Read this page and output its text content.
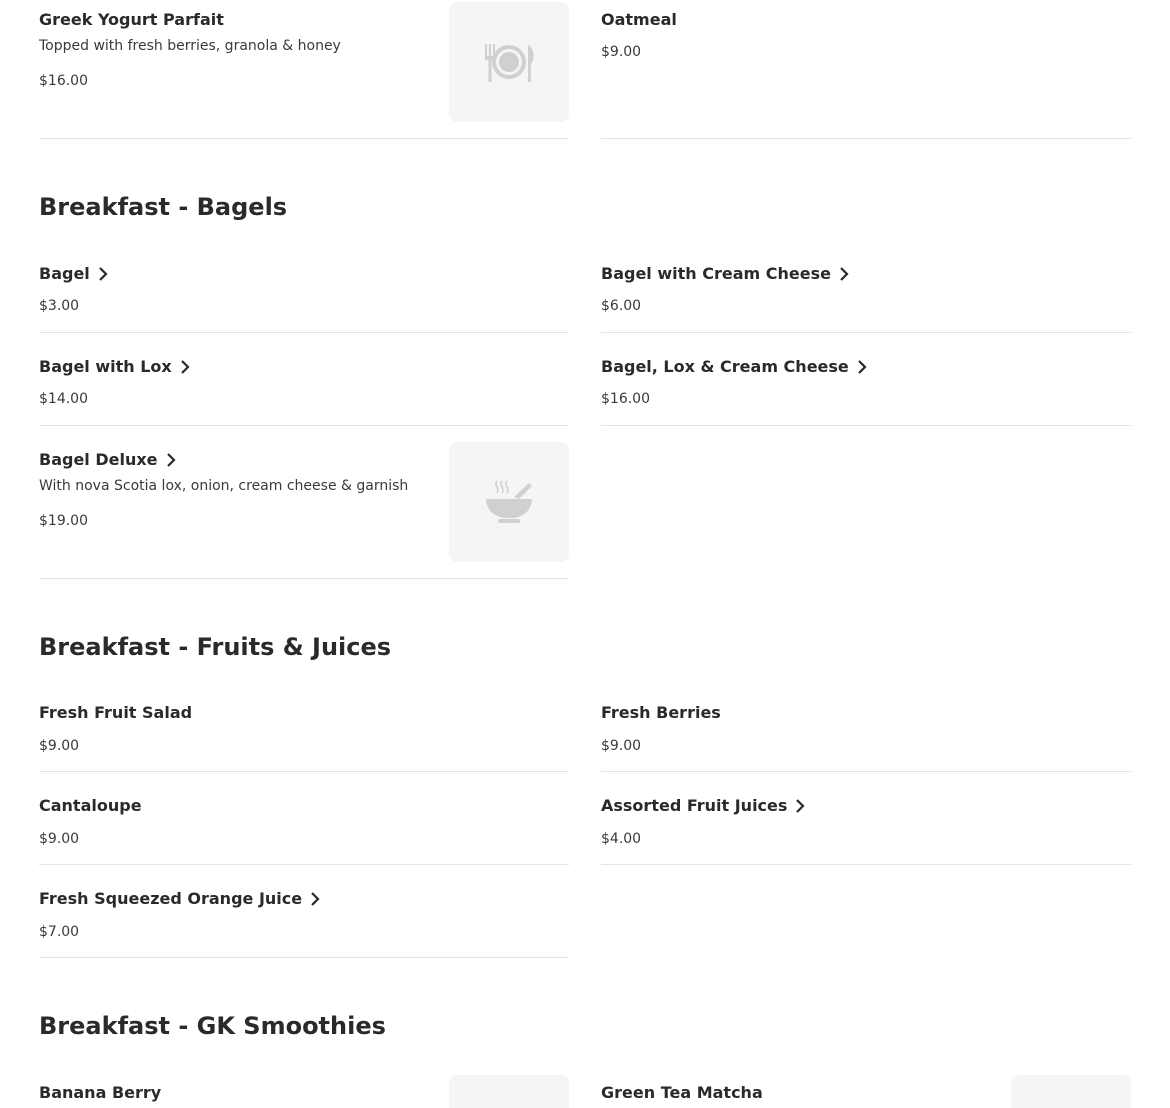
Greek Yogurt Parfait
Topped with fresh berries, granola & honey
$16.00
Oatmeal
$9.00
Breakfast - Bagels
Bagel
$3.00
Bagel with Lox
$14.00
Bagel Deluxe
With nova Scotia lox, onion, cream cheese & garnish
$19.00
Bagel with Cream Cheese
$6.00
Bagel, Lox & Cream Cheese
$16.00
Breakfast - Fruits & Juices
Fresh Fruit Salad
$9.00
Cantaloupe
$9.00
Fresh Squeezed Orange Juice
$7.00
Fresh Berries
$9.00
Assorted Fruit Juices
$4.00
Breakfast - GK Smoothies
Banana Berry	Green Tea Matcha
